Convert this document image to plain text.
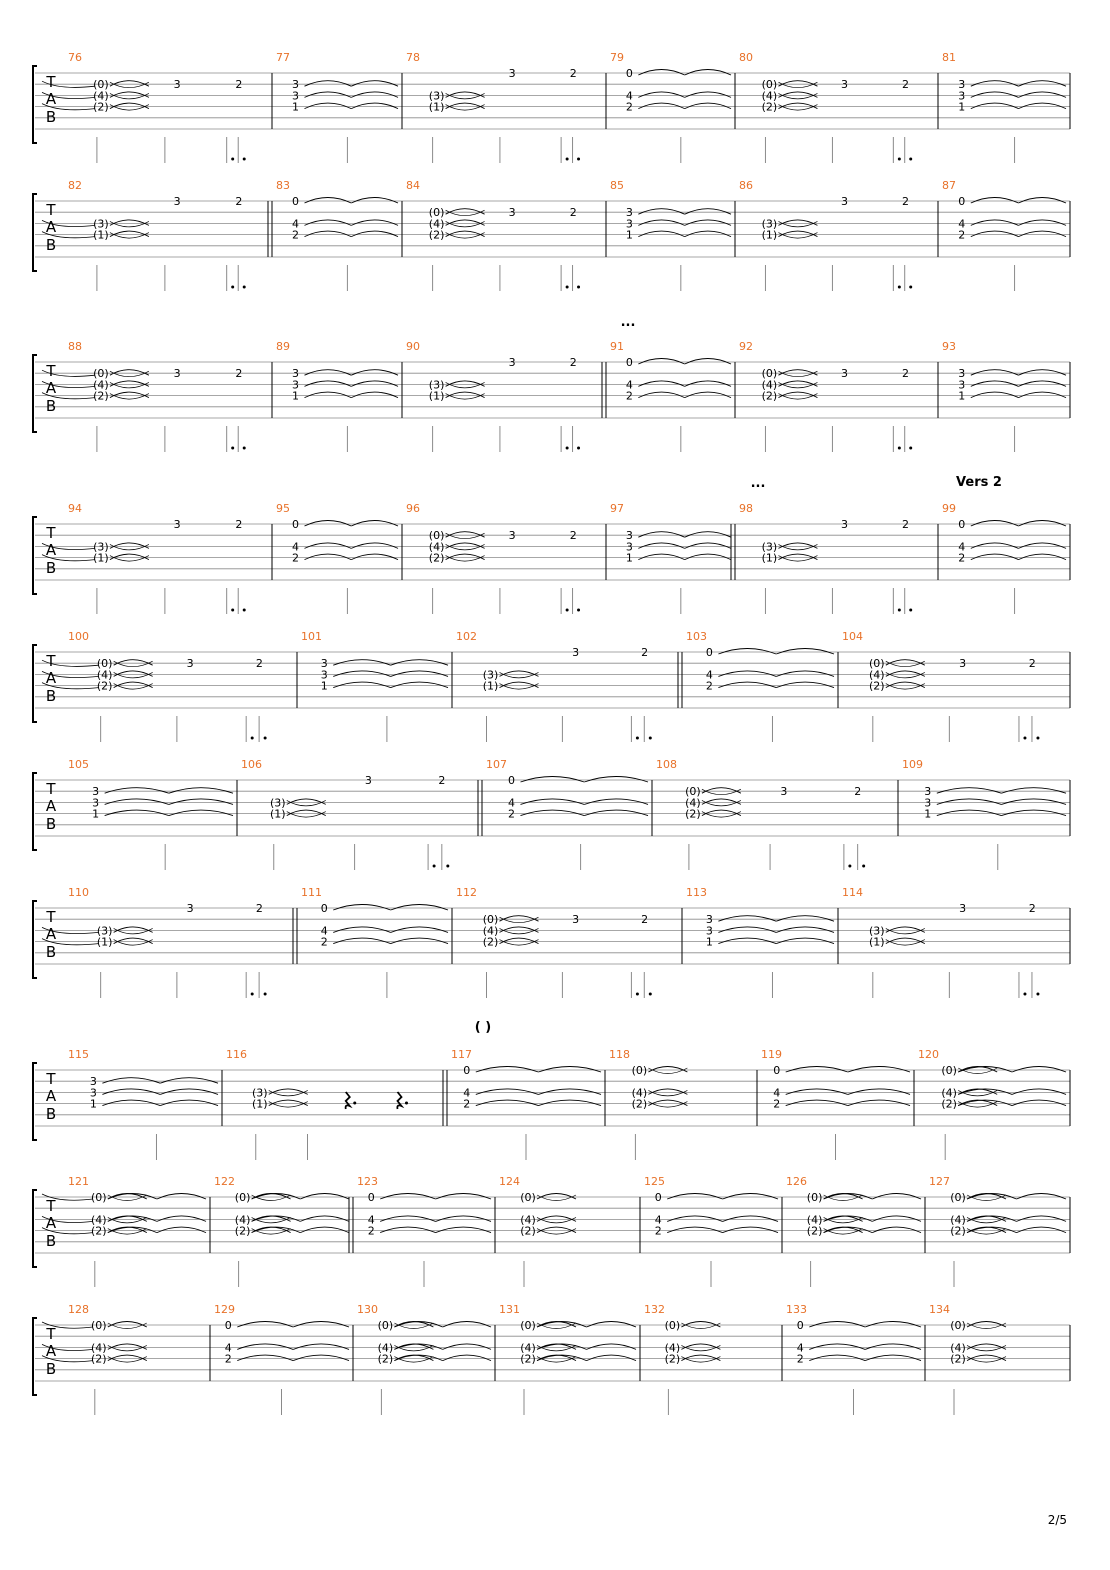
T
A
B
76
(0)
(4)
(2)
3	2
77
3
3
1
78
(3)
(1)
3	2
79
0
4
2
80
(0)
(4)
(2)
3	2
81
3
3
1
T
A
B
82
(3)
(1)
3	2
83
0
4
2
84
(0)
(4)
(2)
3	2
85
3
3
1
86
(3)
(1)
3	2
87
0
4
2
T
A
B
88
(0)
(4)
(2)
3	2
89
3
3
1
90
(3)
(1)
3	2
91
0
4
2
92
(0)
(4)
(2)
3	2
93
3
3
1
T
A
B
94
(3)
(1)
3	2
95
0
4
2
96
(0)
(4)
(2)
3	2
97
3
3
1
98
(3)
(1)
3	2
99
0
4
2
T
A
B
100
(0)
(4)
(2)
3	2
101
3
3
1
102
(3)
(1)
3	2
103
0
4
2
104
(0)
(4)
(2)
3	2
T
A
B
105
3
3
1
106
(3)
(1)
3	2
107
0
4
2
108
(0)
(4)
(2)
3	2
109
3
3
1
T
A
B
110
(3)
(1)
3	2
111
0
4
2
112
(0)
(4)
(2)
3	2
113
3
3
1
114
(3)
(1)
3	2
T
A
B
115
3
3
1
116
(3)
(1)
117
0
4
2
118
(0)
(4)
(2)
119
0
4
2
120
(0)
(4)
(2)
T
A
B
121
(0)
(4)
(2)
122
(0)
(4)
(2)
123
0
4
2
124
(0)
(4)
(2)
125
0
4
2
126
(0)
(4)
(2)
127
(0)
(4)
(2)
T
A
B
128
(0)
(4)
(2)
129
0
4
2
130
(0)
(4)
(2)
131
(0)
(4)
(2)
132
(0)
(4)
(2)
133
0
4
2
134
(0)
(4)
(2)
...
...	Vers 2
( )
2/5
